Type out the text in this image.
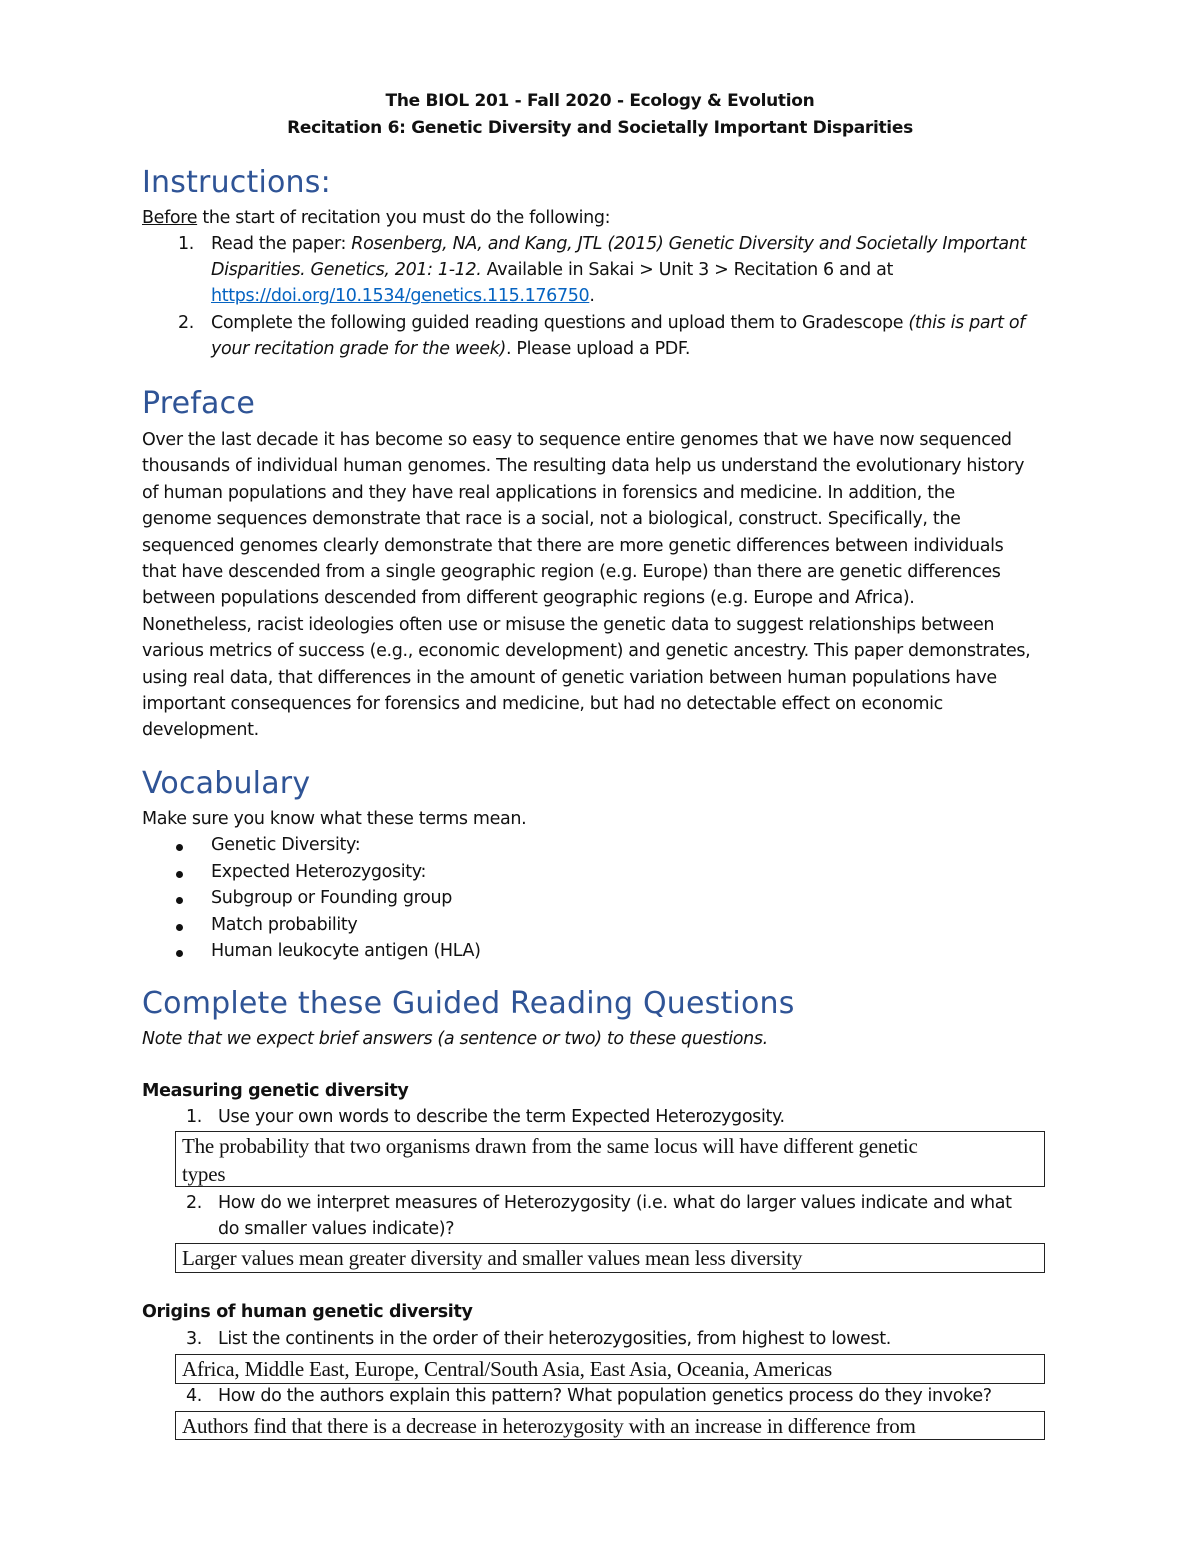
The BIOL 201 - Fall 2020 - Ecology & Evolution
Recitation 6: Genetic Diversity and Societally Important Disparities
Instructions:
Before the start of recitation you must do the following:
1. Read the paper: Rosenberg, NA, and Kang, JTL (2015) Genetic Diversity and Societally Important
Disparities. Genetics, 201: 1-12. Available in Sakai > Unit 3 > Recitation 6 and at
https://doi.org/10.1534/genetics.115.176750.
2. Complete the following guided reading questions and upload them to Gradescope (this is part of
your recitation grade for the week). Please upload a PDF.
Preface
Over the last decade it has become so easy to sequence entire genomes that we have now sequenced
thousands of individual human genomes. The resulting data help us understand the evolutionary history
of human populations and they have real applications in forensics and medicine. In addition, the
genome sequences demonstrate that race is a social, not a biological, construct. Specifically, the
sequenced genomes clearly demonstrate that there are more genetic differences between individuals
that have descended from a single geographic region (e.g. Europe) than there are genetic differences
between populations descended from different geographic regions (e.g. Europe and Africa).
Nonetheless, racist ideologies often use or misuse the genetic data to suggest relationships between
various metrics of success (e.g., economic development) and genetic ancestry. This paper demonstrates,
using real data, that differences in the amount of genetic variation between human populations have
important consequences for forensics and medicine, but had no detectable effect on economic
development.
Vocabulary
Make sure you know what these terms mean.
Genetic Diversity:
Expected Heterozygosity:
Subgroup or Founding group
Match probability
Human leukocyte antigen (HLA)
Complete these Guided Reading Questions
Note that we expect brief answers (a sentence or two) to these questions.
Measuring genetic diversity
1. Use your own words to describe the term Expected Heterozygosity.
The probability that two organisms drawn from the same locus will have different genetic
types
2. How do we interpret measures of Heterozygosity (i.e. what do larger values indicate and what
do smaller values indicate)?
Larger values mean greater diversity and smaller values mean less diversity
Origins of human genetic diversity
3. List the continents in the order of their heterozygosities, from highest to lowest.
Africa, Middle East, Europe, Central/South Asia, East Asia, Oceania, Americas
4. How do the authors explain this pattern? What population genetics process do they invoke?
Authors find that there is a decrease in heterozygosity with an increase in difference from
